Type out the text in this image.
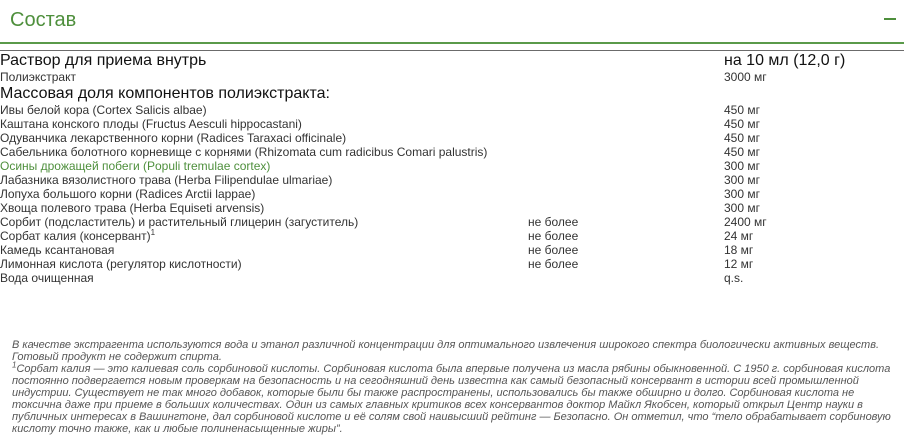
Состав
Раствор для приема внутрь		на 10 мл (12,0 г)
Полиэкстракт		3000 мг
Массовая доля компонентов полиэкстракта:		
Ивы белой кора (Cortex Salicis albae)		450 мг
Каштана конского плоды (Fructus Aesculi hippocastani)		450 мг
Одуванчика лекарственного корни (Radices Taraxaci officinale)		450 мг
Сабельника болотного корневище с корнями (Rhizomata cum radicibus Comari palustris)		450 мг
Осины дрожащей побеги (Populi tremulae cortex)		300 мг
Лабазника вязолистного трава (Herba Filipendulae ulmariae)		300 мг
Лопуха большого корни (Radices Arctii lappae)		300 мг
Хвоща полевого трава (Herba Equiseti arvensis)		300 мг
Сорбит (подсластитель) и растительный глицерин (загуститель)	не более	2400 мг
Сорбат калия (консервант)$^1$	не более	24 мг
Камедь ксантановая	не более	18 мг
Лимонная кислота (регулятор кислотности)	не более	12 мг
Вода очищенная		q.s.

В качестве экстрагента используются вода и этанол различной концентрации для оптимального извлечения широкого спектра биологически активных веществ. Готовый продукт не содержит спирта.

$^1$Сорбат калия — это калиевая соль сорбиновой кислоты. Сорбиновая кислота была впервые получена из масла рябины обыкновенной. С 1950 г. сорбиновая кислота постоянно подвергается новым проверкам на безопасность и на сегодняшний день известна как самый безопасный консервант в истории всей промышленной индустрии. Существует не так много добавок, которые были бы также распространены, использовались бы также обширно и долго. Сорбиновая кислота не токсична даже при приеме в больших количествах. Один из самых главных критиков всех консервантов доктор Майкл Якобсен, который открыл Центр науки в публичных интересах в Вашингтоне, дал сорбиновой кислоте и её солям свой наивысший рейтинг — Безопасно. Он отметил, что “тело обрабатывает сорбиновую кислоту точно также, как и любые полиненасыщенные жиры”.
